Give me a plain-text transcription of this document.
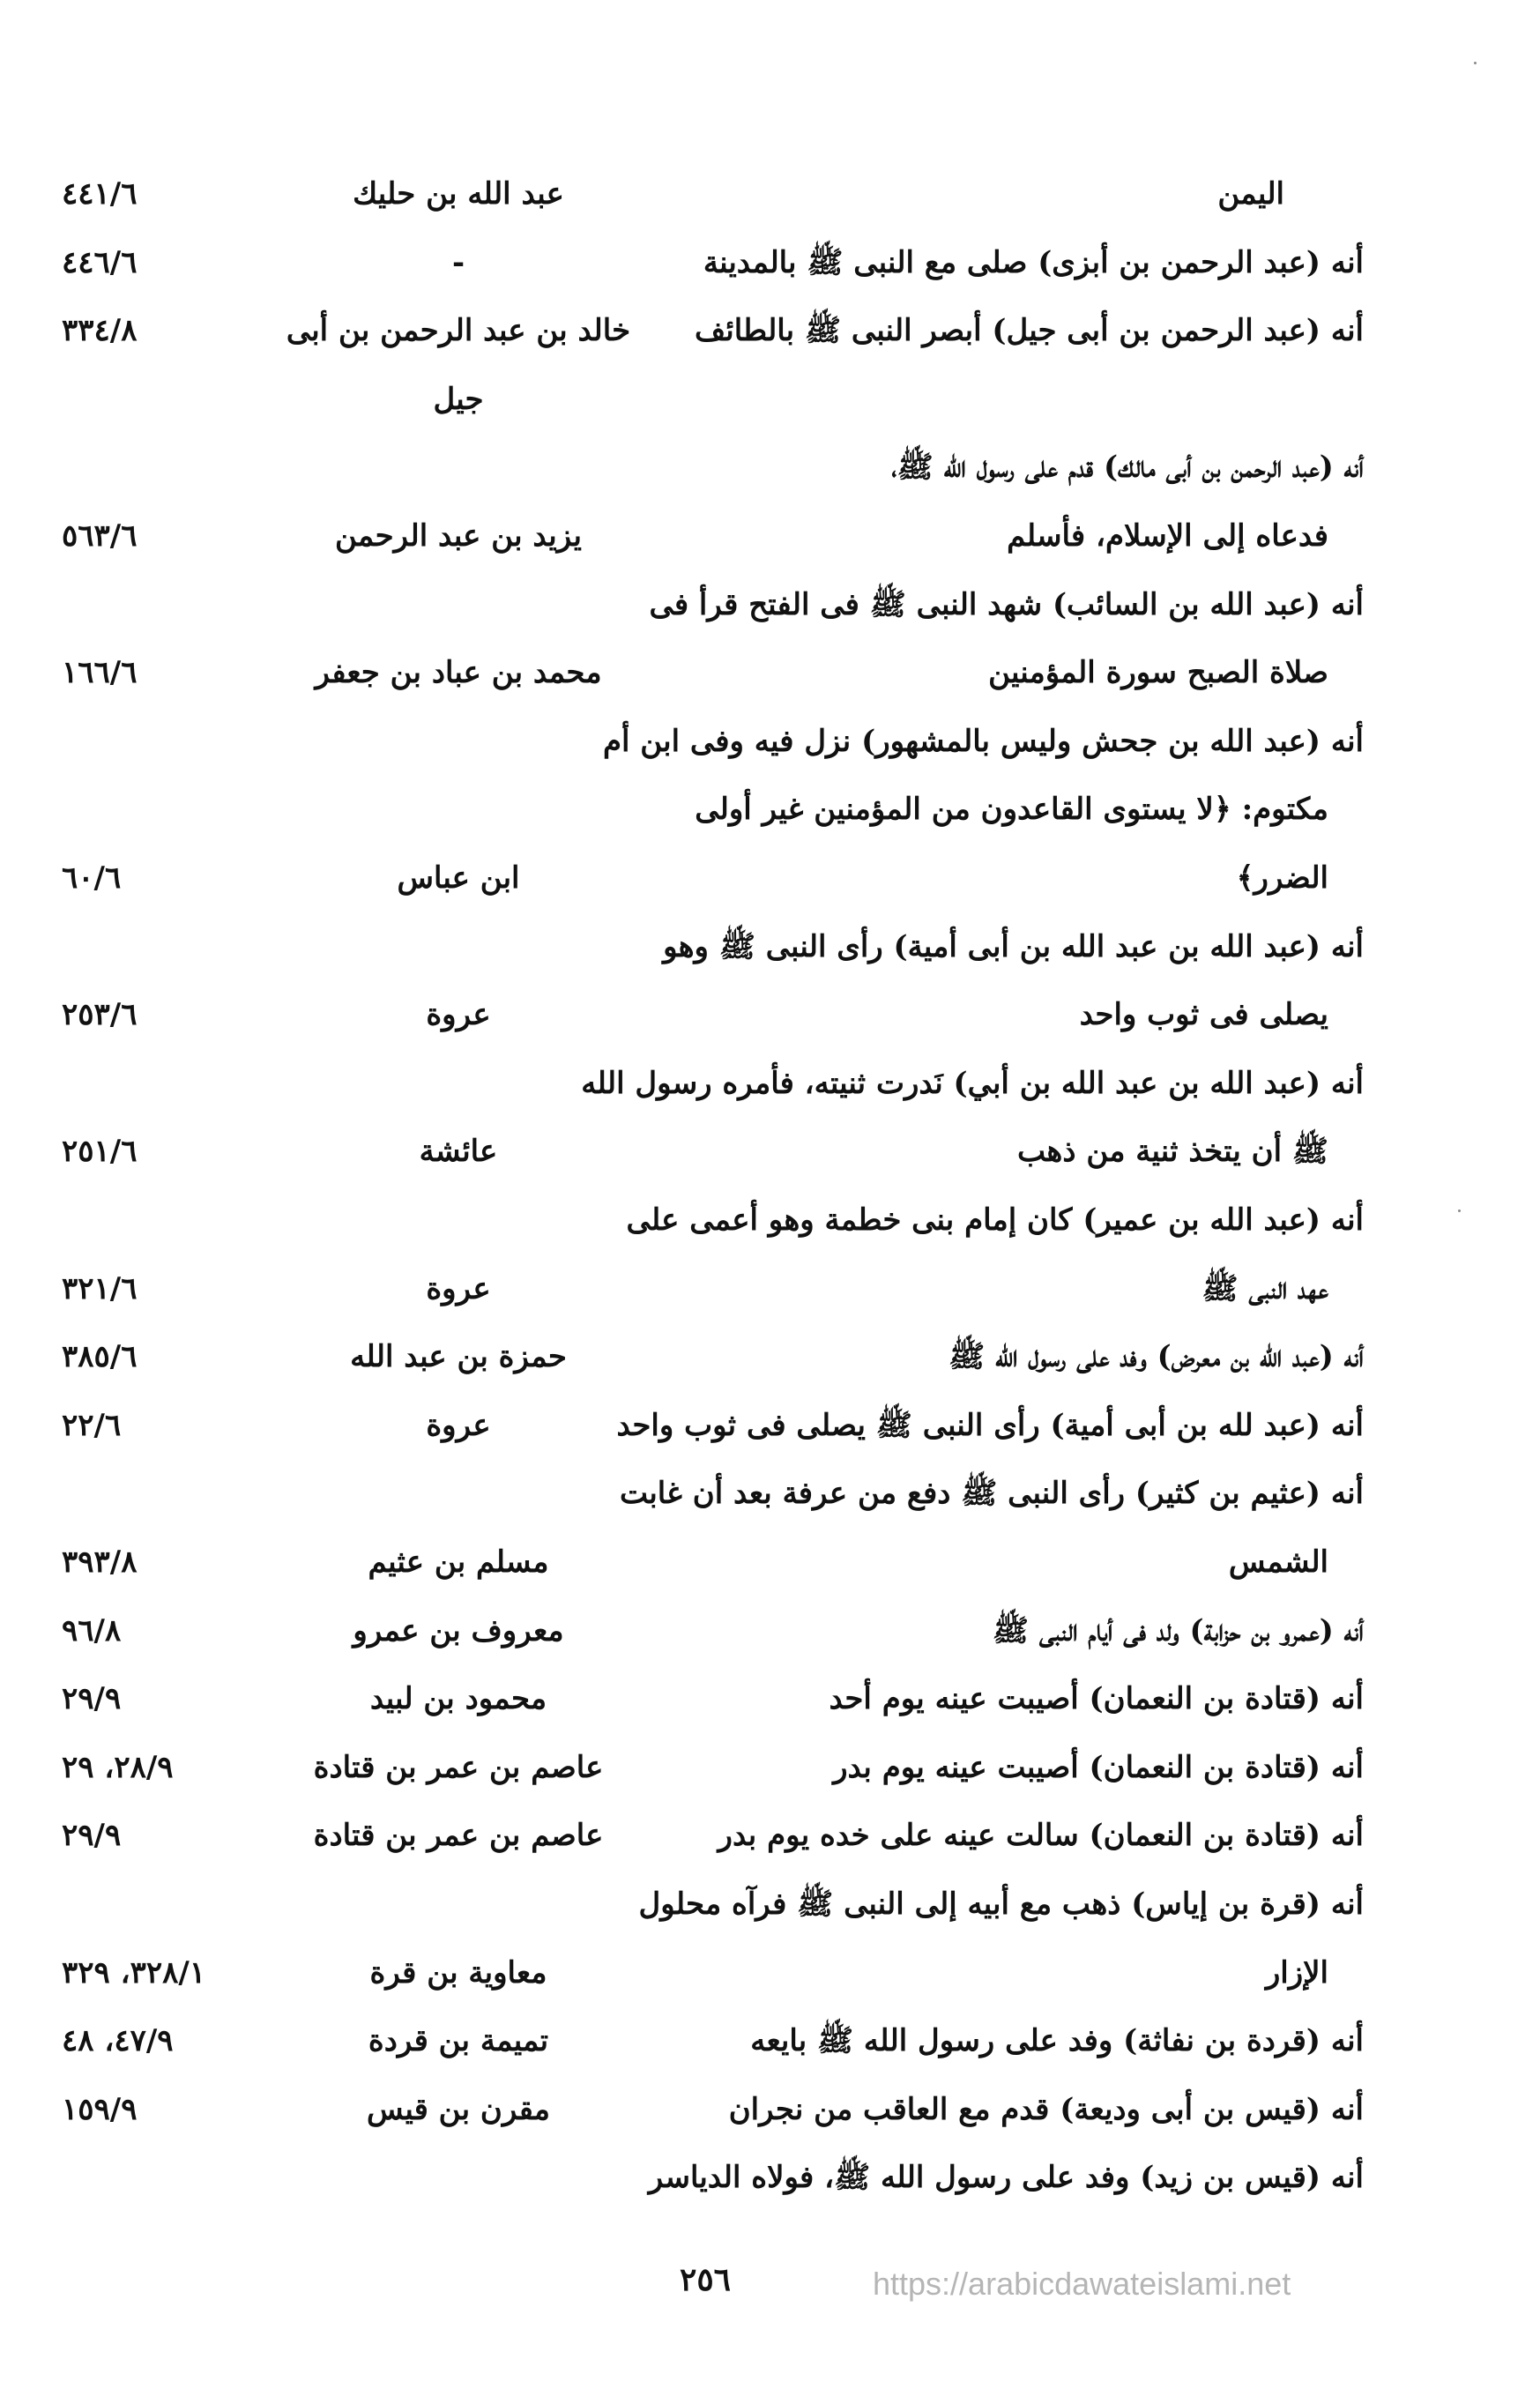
اليمن
عبد الله بن حليك
٤٤١/٦
أنه (عبد الرحمن بن أبزى) صلى مع النبى ﷺ بالمدينة
-
٤٤٦/٦
أنه (عبد الرحمن بن أبى جيل) أبصر النبى ﷺ بالطائف
خالد بن عبد الرحمن بن أبى
٣٣٤/٨
جيل
أنه (عبد الرحمن بن أبى مالك) قدم على رسول الله ﷺ،
فدعاه إلى الإسلام، فأسلم
يزيد بن عبد الرحمن
٥٦٣/٦
أنه (عبد الله بن السائب) شهد النبى ﷺ فى الفتح قرأ فى
صلاة الصبح سورة المؤمنين
محمد بن عباد بن جعفر
١٦٦/٦
أنه (عبد الله بن جحش وليس بالمشهور) نزل فيه وفى ابن أم
مكتوم: ﴿لا يستوى القاعدون من المؤمنين غير أولى
الضرر﴾
ابن عباس
٦٠/٦
أنه (عبد الله بن عبد الله بن أبى أمية) رأى النبى ﷺ وهو
يصلى فى ثوب واحد
عروة
٢٥٣/٦
أنه (عبد الله بن عبد الله بن أبي) نَدرت ثنيته، فأمره رسول الله
ﷺ أن يتخذ ثنية من ذهب
عائشة
٢٥١/٦
أنه (عبد الله بن عمير) كان إمام بنى خطمة وهو أعمى على
عهد النبى ﷺ
عروة
٣٢١/٦
أنه (عبد الله بن معرض) وفد على رسول الله ﷺ
حمزة بن عبد الله
٣٨٥/٦
أنه (عبد لله بن أبى أمية) رأى النبى ﷺ يصلى فى ثوب واحد
عروة
٢٢/٦
أنه (عثيم بن كثير) رأى النبى ﷺ دفع من عرفة بعد أن غابت
الشمس
مسلم بن عثيم
٣٩٣/٨
أنه (عمرو بن حزابة) ولد فى أيام النبى ﷺ
معروف بن عمرو
٩٦/٨
أنه (قتادة بن النعمان) أصيبت عينه يوم أحد
محمود بن لبيد
٢٩/٩
أنه (قتادة بن النعمان) أصيبت عينه يوم بدر
عاصم بن عمر بن قتادة
٢٨/٩، ٢٩
أنه (قتادة بن النعمان) سالت عينه على خده يوم بدر
عاصم بن عمر بن قتادة
٢٩/٩
أنه (قرة بن إياس) ذهب مع أبيه إلى النبى ﷺ فرآه محلول
الإزار
معاوية بن قرة
٣٢٨/١، ٣٢٩
أنه (قردة بن نفاثة) وفد على رسول الله ﷺ بايعه
تميمة بن قردة
٤٧/٩، ٤٨
أنه (قيس بن أبى وديعة) قدم مع العاقب من نجران
مقرن بن قيس
١٥٩/٩
أنه (قيس بن زيد) وفد على رسول الله ﷺ، فولاه الدياسر
٢٥٦	https://arabicdawateislami.net
